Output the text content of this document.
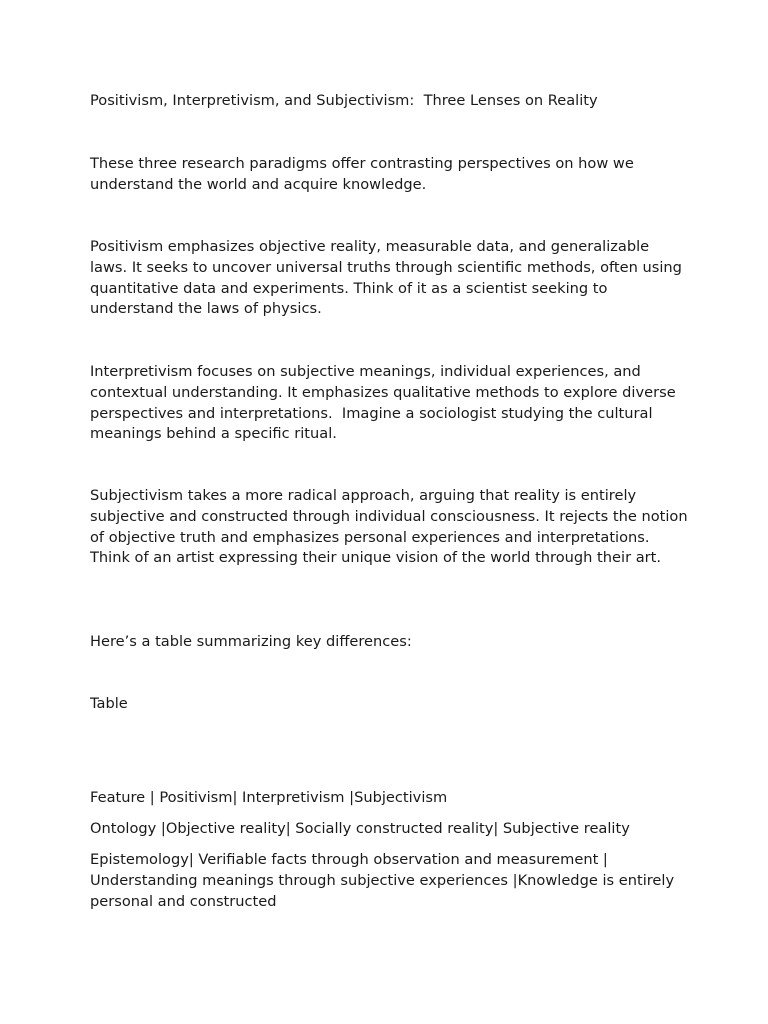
Positivism, Interpretivism, and Subjectivism:  Three Lenses on Reality

These three research paradigms offer contrasting perspectives on how we understand the world and acquire knowledge.

Positivism emphasizes objective reality, measurable data, and generalizable laws. It seeks to uncover universal truths through scientific methods, often using quantitative data and experiments. Think of it as a scientist seeking to understand the laws of physics.

Interpretivism focuses on subjective meanings, individual experiences, and contextual understanding. It emphasizes qualitative methods to explore diverse perspectives and interpretations.  Imagine a sociologist studying the cultural meanings behind a specific ritual.

Subjectivism takes a more radical approach, arguing that reality is entirely subjective and constructed through individual consciousness. It rejects the notion of objective truth and emphasizes personal experiences and interpretations.  Think of an artist expressing their unique vision of the world through their art.

Here’s a table summarizing key differences:

Table

Feature | Positivism| Interpretivism |Subjectivism

Ontology |Objective reality| Socially constructed reality| Subjective reality

Epistemology| Verifiable facts through observation and measurement | Understanding meanings through subjective experiences |Knowledge is entirely personal and constructed
